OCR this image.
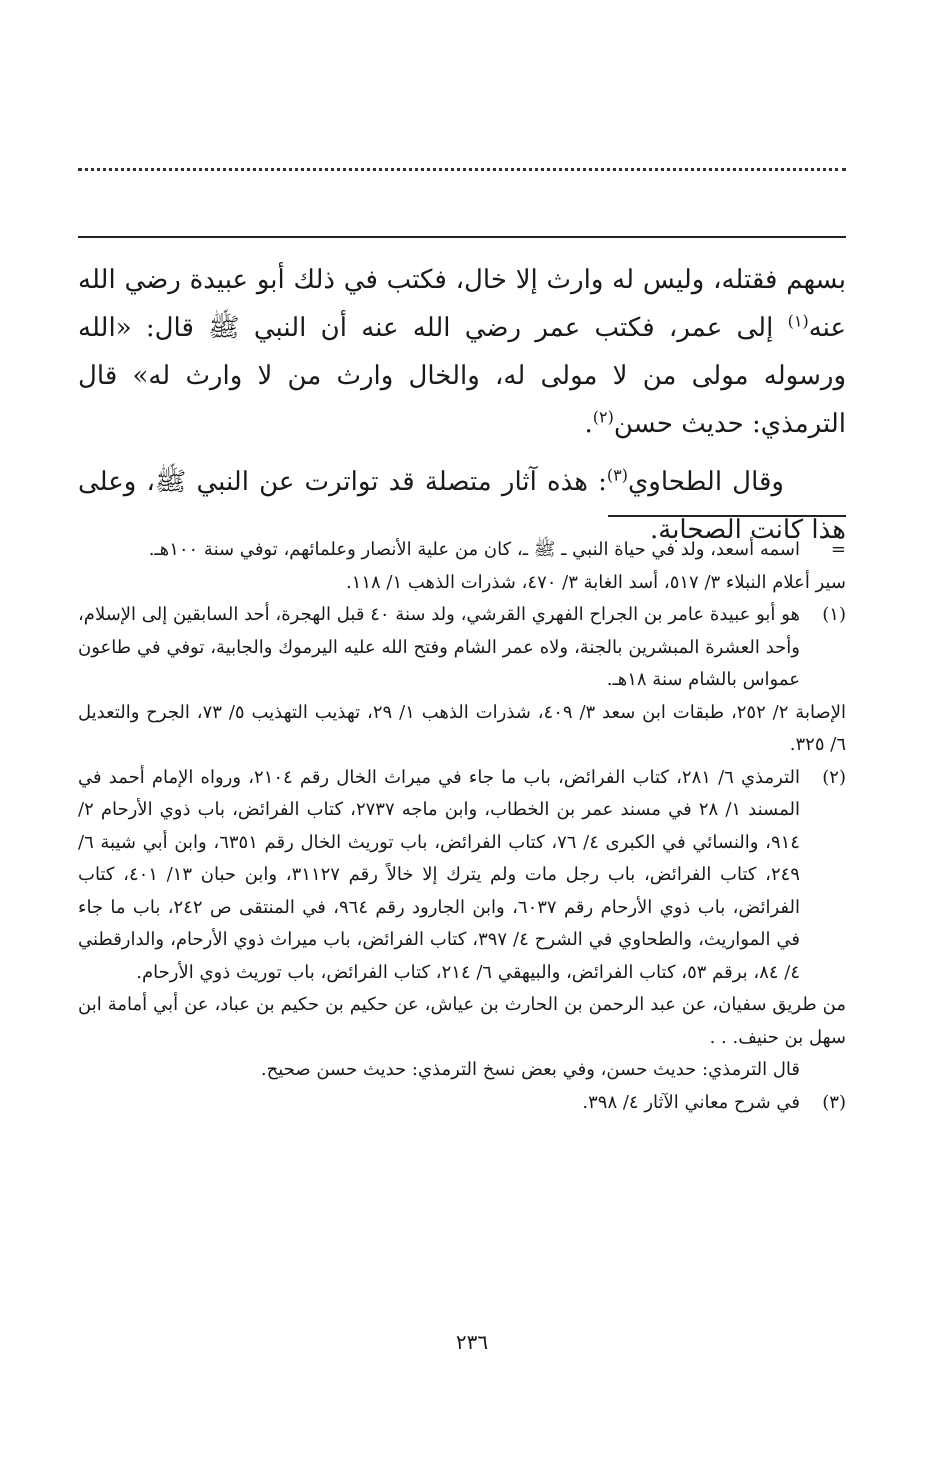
بسهم فقتله، وليس له وارث إلا خال، فكتب في ذلك أبو عبيدة رضي الله عنه$^{(١)}$ إلى عمر، فكتب عمر رضي الله عنه أن النبي ﷺ قال: «الله ورسوله مولى من لا مولى له، والخال وارث من لا وارث له» قال الترمذي: حديث حسن$^{(٢)}$.

وقال الطحاوي$^{(٣)}$: هذه آثار متصلة قد تواترت عن النبي ﷺ، وعلى هذا كانت الصحابة.

=

اسمه أسعد، ولد في حياة النبي ـ ﷺ ـ، كان من علية الأنصار وعلمائهم، توفي سنة ١٠٠هـ.

سير أعلام النبلاء ٣/ ٥١٧، أسد الغابة ٣/ ٤٧٠، شذرات الذهب ١/ ١١٨.

(١)

هو أبو عبيدة عامر بن الجراح الفهري القرشي، ولد سنة ٤٠ قبل الهجرة، أحد السابقين إلى الإسلام، وأحد العشرة المبشرين بالجنة، ولاه عمر الشام وفتح الله عليه اليرموك والجابية، توفي في طاعون عمواس بالشام سنة ١٨هـ.

الإصابة ٢/ ٢٥٢، طبقات ابن سعد ٣/ ٤٠٩، شذرات الذهب ١/ ٢٩، تهذيب التهذيب ٥/ ٧٣، الجرح والتعديل ٦/ ٣٢٥.

(٢)

الترمذي ٦/ ٢٨١، كتاب الفرائض، باب ما جاء في ميراث الخال رقم ٢١٠٤، ورواه الإمام أحمد في المسند ١/ ٢٨ في مسند عمر بن الخطاب، وابن ماجه ٢٧٣٧، كتاب الفرائض، باب ذوي الأرحام ٢/ ٩١٤، والنسائي في الكبرى ٤/ ٧٦، كتاب الفرائض، باب توريث الخال رقم ٦٣٥١، وابن أبي شيبة ٦/ ٢٤٩، كتاب الفرائض، باب رجل مات ولم يترك إلا خالاً رقم ٣١١٢٧، وابن حبان ١٣/ ٤٠١، كتاب الفرائض، باب ذوي الأرحام رقم ٦٠٣٧، وابن الجارود رقم ٩٦٤، في المنتقى ص ٢٤٢، باب ما جاء في المواريث، والطحاوي في الشرح ٤/ ٣٩٧، كتاب الفرائض، باب ميراث ذوي الأرحام، والدارقطني ٤/ ٨٤، برقم ٥٣، كتاب الفرائض، والبيهقي ٦/ ٢١٤، كتاب الفرائض، باب توريث ذوي الأرحام.

من طريق سفيان، عن عبد الرحمن بن الحارث بن عياش، عن حكيم بن حكيم بن عباد، عن أبي أمامة ابن سهل بن حنيف. . .

قال الترمذي: حديث حسن، وفي بعض نسخ الترمذي: حديث حسن صحيح.

(٣)

في شرح معاني الآثار ٤/ ٣٩٨.

٢٣٦
